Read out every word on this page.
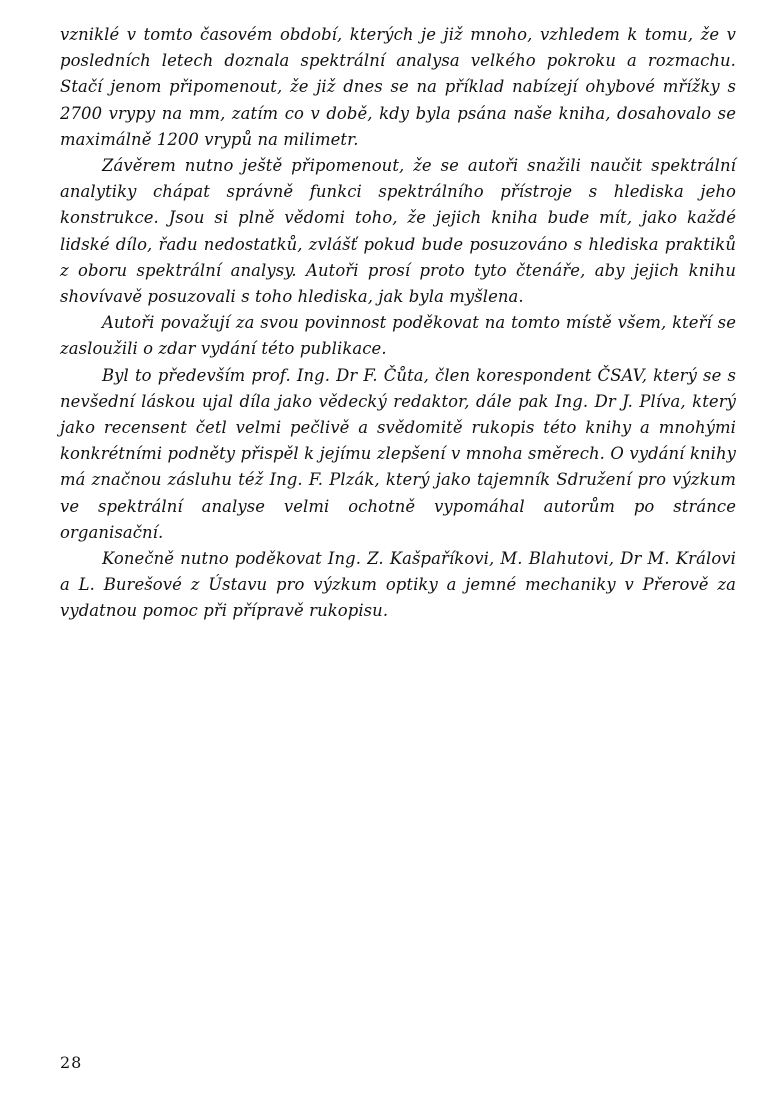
vzniklé v tomto časovém období, kterých je již mnoho, vzhledem k tomu, že v posledních letech doznala spektrální analysa velkého pokroku a rozmachu. Stačí jenom připomenout, že již dnes se na příklad nabízejí ohybové mřížky s 2700 vrypy na mm, zatím co v době, kdy byla psána naše kniha, dosahovalo se maximálně 1200 vrypů na milimetr.

Závěrem nutno ještě připomenout, že se autoři snažili naučit spektrální analytiky chápat správně funkci spektrálního přístroje s hlediska jeho konstrukce. Jsou si plně vědomi toho, že jejich kniha bude mít, jako každé lidské dílo, řadu nedostatků, zvlášť pokud bude posuzováno s hlediska praktiků z oboru spektrální analysy. Autoři prosí proto tyto čtenáře, aby jejich knihu shovívavě posuzovali s toho hlediska, jak byla myšlena.

Autoři považují za svou povinnost poděkovat na tomto místě všem, kteří se zasloužili o zdar vydání této publikace.

Byl to především prof. Ing. Dr F. Čůta, člen korespondent ČSAV, který se s nevšední láskou ujal díla jako vědecký redaktor, dále pak Ing. Dr J. Plíva, který jako recensent četl velmi pečlivě a svědomitě rukopis této knihy a mnohými konkrétními podněty přispěl k jejímu zlepšení v mnoha směrech. O vydání knihy má značnou zásluhu též Ing. F. Plzák, který jako tajemník Sdružení pro výzkum ve spektrální analyse velmi ochotně vypomáhal autorům po stránce organisační.

Konečně nutno poděkovat Ing. Z. Kašpaříkovi, M. Blahutovi, Dr M. Královi a L. Burešové z Ústavu pro výzkum optiky a jemné mechaniky v Přerově za vydatnou pomoc při přípravě rukopisu.

28
